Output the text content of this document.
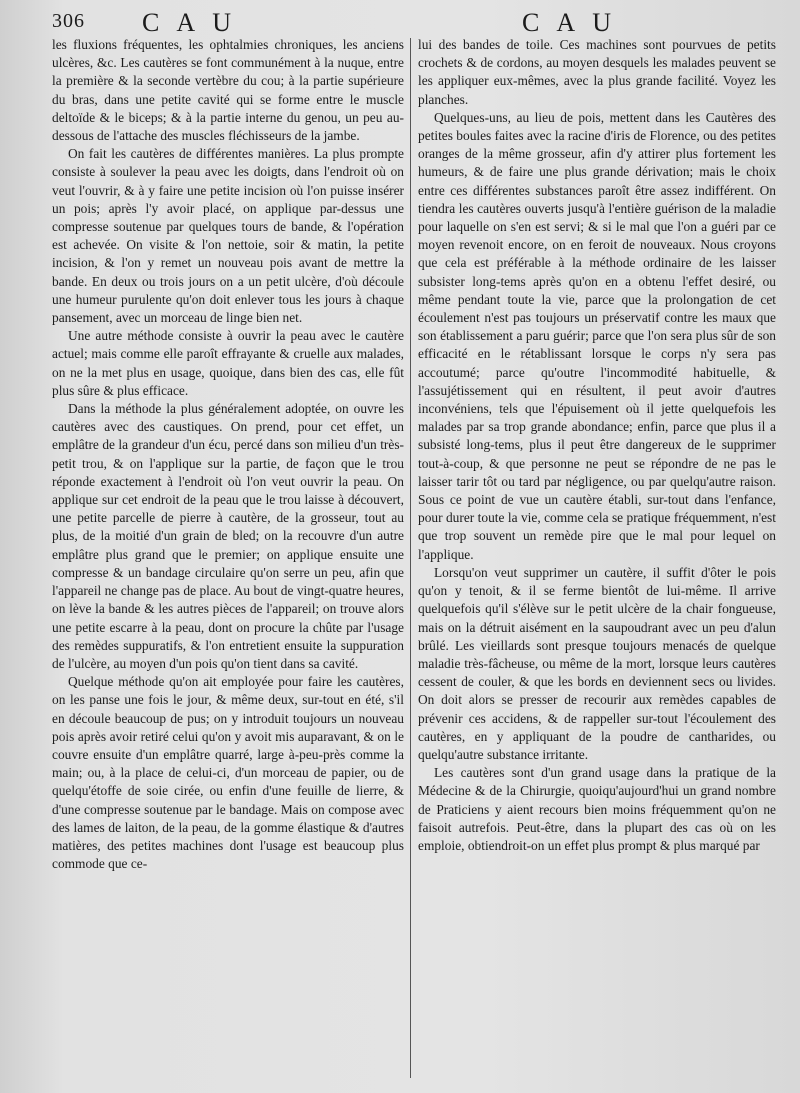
306 C A U	C A U

les fluxions fréquentes, les ophtalmies chroniques, les anciens ulcères, &c. Les cautères se font communément à la nuque, entre la première & la seconde vertèbre du cou; à la partie supérieure du bras, dans une petite cavité qui se forme entre le muscle deltoïde & le biceps; & à la partie interne du genou, un peu au-dessous de l'attache des muscles fléchisseurs de la jambe.

On fait les cautères de différentes manières. La plus prompte consiste à soulever la peau avec les doigts, dans l'endroit où on veut l'ouvrir, & à y faire une petite incision où l'on puisse insérer un pois; après l'y avoir placé, on applique par-dessus une compresse soutenue par quelques tours de bande, & l'opération est achevée. On visite & l'on nettoie, soir & matin, la petite incision, & l'on y remet un nouveau pois avant de mettre la bande. En deux ou trois jours on a un petit ulcère, d'où découle une humeur purulente qu'on doit enlever tous les jours à chaque pansement, avec un morceau de linge bien net.

Une autre méthode consiste à ouvrir la peau avec le cautère actuel; mais comme elle paroît effrayante & cruelle aux malades, on ne la met plus en usage, quoique, dans bien des cas, elle fût plus sûre & plus efficace.

Dans la méthode la plus généralement adoptée, on ouvre les cautères avec des caustiques. On prend, pour cet effet, un emplâtre de la grandeur d'un écu, percé dans son milieu d'un très-petit trou, & on l'applique sur la partie, de façon que le trou réponde exactement à l'endroit où l'on veut ouvrir la peau. On applique sur cet endroit de la peau que le trou laisse à découvert, une petite parcelle de pierre à cautère, de la grosseur, tout au plus, de la moitié d'un grain de bled; on la recouvre d'un autre emplâtre plus grand que le premier; on applique ensuite une compresse & un bandage circulaire qu'on serre un peu, afin que l'appareil ne change pas de place. Au bout de vingt-quatre heures, on lève la bande & les autres pièces de l'appareil; on trouve alors une petite escarre à la peau, dont on procure la chûte par l'usage des remèdes suppuratifs, & l'on entretient ensuite la suppuration de l'ulcère, au moyen d'un pois qu'on tient dans sa cavité.

Quelque méthode qu'on ait employée pour faire les cautères, on les panse une fois le jour, & même deux, sur-tout en été, s'il en découle beaucoup de pus; on y introduit toujours un nouveau pois après avoir retiré celui qu'on y avoit mis auparavant, & on le couvre ensuite d'un emplâtre quarré, large à-peu-près comme la main; ou, à la place de celui-ci, d'un morceau de papier, ou de quelqu'étoffe de soie cirée, ou enfin d'une feuille de lierre, & d'une compresse soutenue par le bandage. Mais on compose avec des lames de laiton, de la peau, de la gomme élastique & d'autres matières, des petites machines dont l'usage est beaucoup plus commode que ce-

lui des bandes de toile. Ces machines sont pourvues de petits crochets & de cordons, au moyen desquels les malades peuvent se les appliquer eux-mêmes, avec la plus grande facilité. Voyez les planches.

Quelques-uns, au lieu de pois, mettent dans les Cautères des petites boules faites avec la racine d'iris de Florence, ou des petites oranges de la même grosseur, afin d'y attirer plus fortement les humeurs, & de faire une plus grande dérivation; mais le choix entre ces différentes substances paroît être assez indifférent. On tiendra les cautères ouverts jusqu'à l'entière guérison de la maladie pour laquelle on s'en est servi; & si le mal que l'on a guéri par ce moyen revenoit encore, on en feroit de nouveaux. Nous croyons que cela est préférable à la méthode ordinaire de les laisser subsister long-tems après qu'on en a obtenu l'effet desiré, ou même pendant toute la vie, parce que la prolongation de cet écoulement n'est pas toujours un préservatif contre les maux que son établissement a paru guérir; parce que l'on sera plus sûr de son efficacité en le rétablissant lorsque le corps n'y sera pas accoutumé; parce qu'outre l'incommodité habituelle, & l'assujétissement qui en résultent, il peut avoir d'autres inconvéniens, tels que l'épuisement où il jette quelquefois les malades par sa trop grande abondance; enfin, parce que plus il a subsisté long-tems, plus il peut être dangereux de le supprimer tout-à-coup, & que personne ne peut se répondre de ne pas le laisser tarir tôt ou tard par négligence, ou par quelqu'autre raison. Sous ce point de vue un cautère établi, sur-tout dans l'enfance, pour durer toute la vie, comme cela se pratique fréquemment, n'est que trop souvent un remède pire que le mal pour lequel on l'applique.

Lorsqu'on veut supprimer un cautère, il suffit d'ôter le pois qu'on y tenoit, & il se ferme bientôt de lui-même. Il arrive quelquefois qu'il s'élève sur le petit ulcère de la chair fongueuse, mais on la détruit aisément en la saupoudrant avec un peu d'alun brûlé. Les vieillards sont presque toujours menacés de quelque maladie très-fâcheuse, ou même de la mort, lorsque leurs cautères cessent de couler, & que les bords en deviennent secs ou livides. On doit alors se presser de recourir aux remèdes capables de prévenir ces accidens, & de rappeller sur-tout l'écoulement des cautères, en y appliquant de la poudre de cantharides, ou quelqu'autre substance irritante.

Les cautères sont d'un grand usage dans la pratique de la Médecine & de la Chirurgie, quoiqu'aujourd'hui un grand nombre de Praticiens y aient recours bien moins fréquemment qu'on ne faisoit autrefois. Peut-être, dans la plupart des cas où on les emploie, obtiendroit-on un effet plus prompt & plus marqué par
